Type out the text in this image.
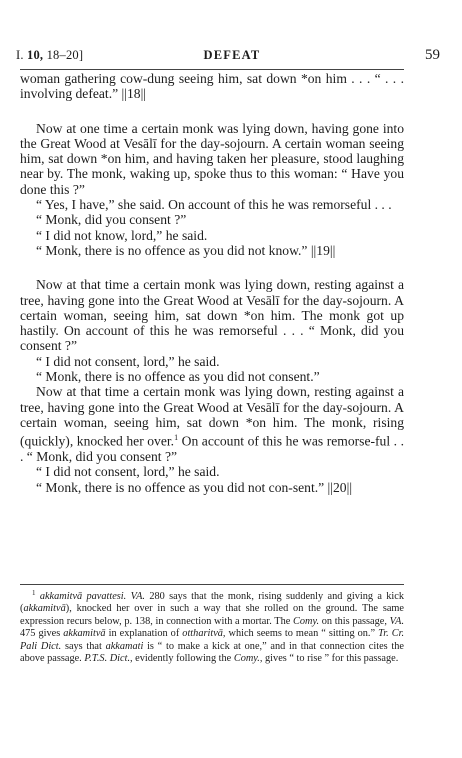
I. 10, 18–20]	DEFEAT	59

woman gathering cow-dung seeing him, sat down *on him . . . “ . . . involving defeat.” ||18||

Now at one time a certain monk was lying down, having gone into the Great Wood at Vesālī for the day-sojourn. A certain woman seeing him, sat down *on him, and having taken her pleasure, stood laughing near by. The monk, waking up, spoke thus to this woman: “ Have you done this ?”

“ Yes, I have,” she said. On account of this he was remorseful . . .

“ Monk, did you consent ?”

“ I did not know, lord,” he said.

“ Monk, there is no offence as you did not know.” ||19||

Now at that time a certain monk was lying down, resting against a tree, having gone into the Great Wood at Vesālī for the day-sojourn. A certain woman, seeing him, sat down *on him. The monk got up hastily. On account of this he was remorseful . . . “ Monk, did you consent ?”

“ I did not consent, lord,” he said.

“ Monk, there is no offence as you did not consent.”

Now at that time a certain monk was lying down, resting against a tree, having gone into the Great Wood at Vesālī for the day-sojourn. A certain woman, seeing him, sat down *on him. The monk, rising (quickly), knocked her over.$^1$ On account of this he was remorse-ful . . . “ Monk, did you consent ?”

“ I did not consent, lord,” he said.

“ Monk, there is no offence as you did not con-sent.” ||20||

$^1$ akkamitvā pavattesi. VA. 280 says that the monk, rising suddenly and giving a kick (akkamitvā), knocked her over in such a way that she rolled on the ground. The same expression recurs below, p. 138, in connection with a mortar. The Comy. on this passage, VA. 475 gives akkamitvā in explanation of ottharitvā, which seems to mean “ sitting on.” Tr. Cr. Pali Dict. says that akkamati is “ to make a kick at one,” and in that connection cites the above passage. P.T.S. Dict., evidently following the Comy., gives “ to rise ” for this passage.
